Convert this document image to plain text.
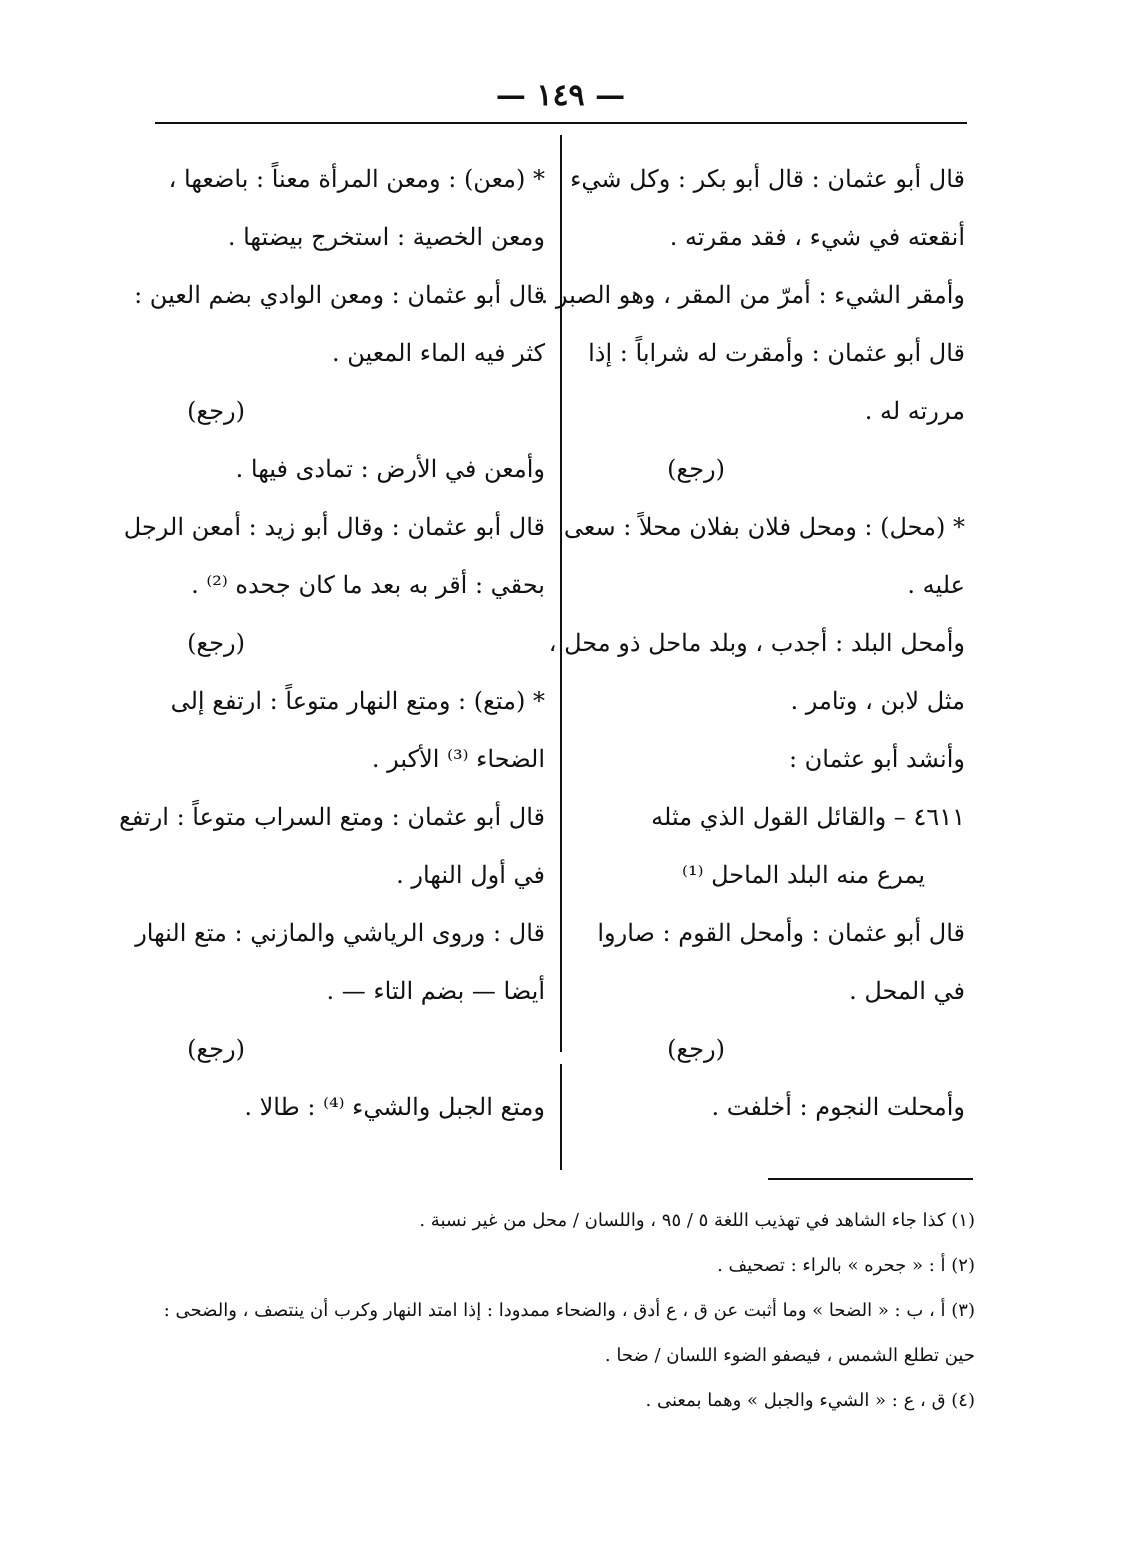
— ١٤٩ —
قال أبو عثمان : قال أبو بكر : وكل شيء
أنقعته في شيء ، فقد مقرته .
وأمقر الشيء : أمرّ من المقر ، وهو الصبر .
قال أبو عثمان : وأمقرت له شراباً : إذا
مررته له .
(رجع)
* (محل) : ومحل فلان بفلان محلاً : سعى
عليه .
وأمحل البلد : أجدب ، وبلد ماحل ذو محل ،
مثل لابن ، وتامر .
وأنشد أبو عثمان :
٤٦١١ – والقائل القول الذي مثله
يمرع منه البلد الماحل ⁽¹⁾
قال أبو عثمان : وأمحل القوم : صاروا
في المحل .
(رجع)
وأمحلت النجوم : أخلفت .
* (معن) : ومعن المرأة معناً : باضعها ،
ومعن الخصية : استخرج بيضتها .
قال أبو عثمان : ومعن الوادي بضم العين :
كثر فيه الماء المعين .
(رجع)
وأمعن في الأرض : تمادى فيها .
قال أبو عثمان : وقال أبو زيد : أمعن الرجل
بحقي : أقر به بعد ما كان جحده ⁽²⁾ .
(رجع)
* (متع) : ومتع النهار متوعاً : ارتفع إلى
الضحاء ⁽³⁾ الأكبر .
قال أبو عثمان : ومتع السراب متوعاً : ارتفع
في أول النهار .
قال : وروى الرياشي والمازني : متع النهار
أيضا — بضم التاء — .
(رجع)
ومتع الجبل والشيء ⁽⁴⁾ : طالا .
(١) كذا جاء الشاهد في تهذيب اللغة ٥ / ٩٥ ، واللسان / محل من غير نسبة .
(٢) أ : « جحره » بالراء : تصحيف .
(٣) أ ، ب : « الضحا » وما أثبت عن ق ، ع أدق ، والضحاء ممدودا : إذا امتد النهار وكرب أن ينتصف ، والضحى :
حين تطلع الشمس ، فيصفو الضوء اللسان / ضحا .
(٤) ق ، ع : « الشيء والجبل » وهما بمعنى .
